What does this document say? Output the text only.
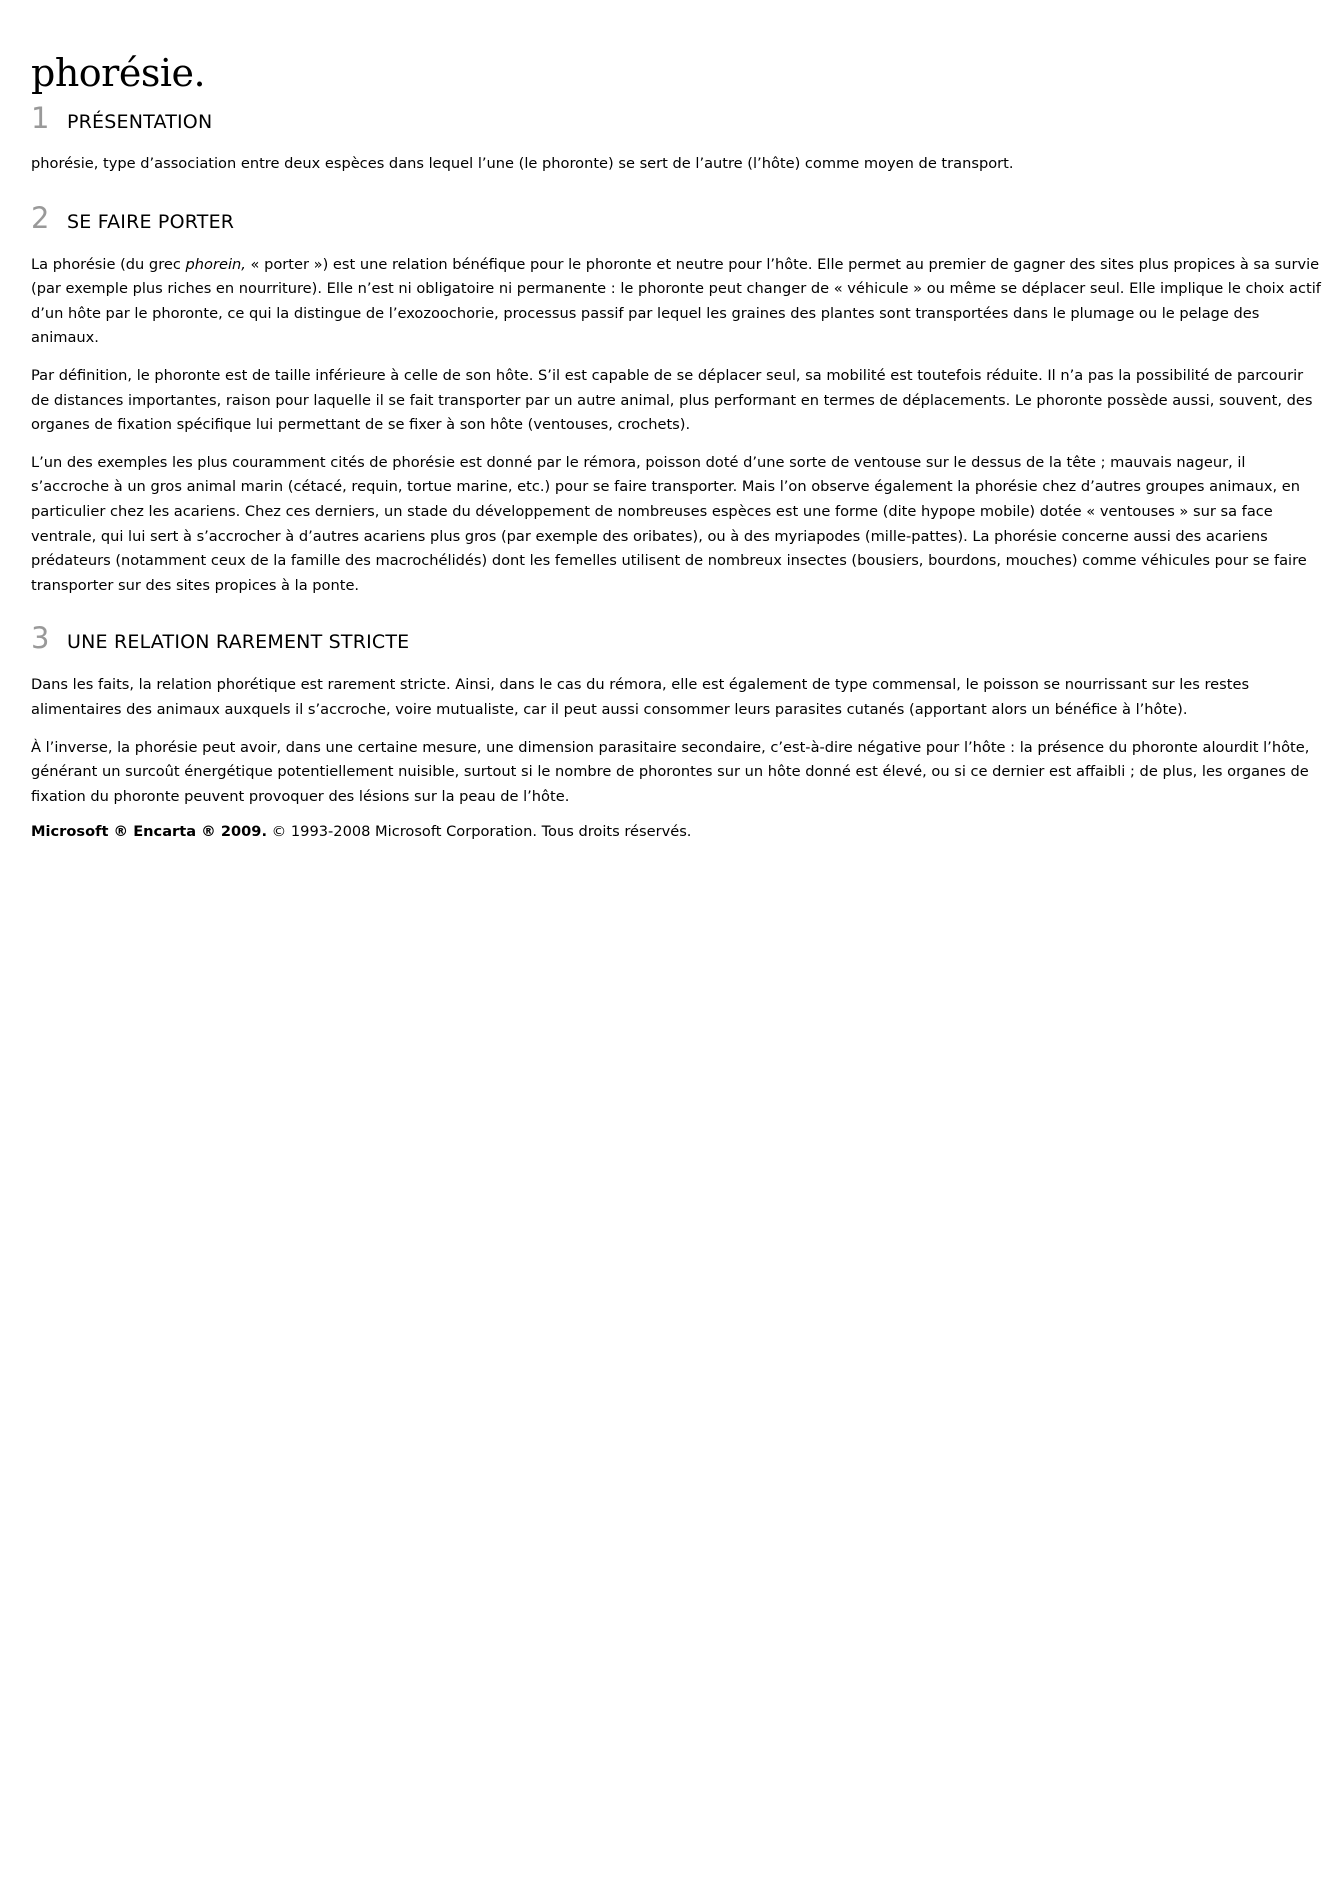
phorésie.
1 PRÉSENTATION

phorésie, type d’association entre deux espèces dans lequel l’une (le phoronte) se sert de l’autre (l’hôte) comme moyen de transport.

2 SE FAIRE PORTER

La phorésie (du grec phorein, « porter ») est une relation bénéfique pour le phoronte et neutre pour l’hôte. Elle permet au premier de gagner des sites plus propices à sa survie (par exemple plus riches en nourriture). Elle n’est ni obligatoire ni permanente : le phoronte peut changer de « véhicule » ou même se déplacer seul. Elle implique le choix actif d’un hôte par le phoronte, ce qui la distingue de l’exozoochorie, processus passif par lequel les graines des plantes sont transportées dans le plumage ou le pelage des animaux.

Par définition, le phoronte est de taille inférieure à celle de son hôte. S’il est capable de se déplacer seul, sa mobilité est toutefois réduite. Il n’a pas la possibilité de parcourir de distances importantes, raison pour laquelle il se fait transporter par un autre animal, plus performant en termes de déplacements. Le phoronte possède aussi, souvent, des organes de fixation spécifique lui permettant de se fixer à son hôte (ventouses, crochets).

L’un des exemples les plus couramment cités de phorésie est donné par le rémora, poisson doté d’une sorte de ventouse sur le dessus de la tête ; mauvais nageur, il s’accroche à un gros animal marin (cétacé, requin, tortue marine, etc.) pour se faire transporter. Mais l’on observe également la phorésie chez d’autres groupes animaux, en particulier chez les acariens. Chez ces derniers, un stade du développement de nombreuses espèces est une forme (dite hypope mobile) dotée « ventouses » sur sa face ventrale, qui lui sert à s’accrocher à d’autres acariens plus gros (par exemple des oribates), ou à des myriapodes (mille-pattes). La phorésie concerne aussi des acariens prédateurs (notamment ceux de la famille des macrochélidés) dont les femelles utilisent de nombreux insectes (bousiers, bourdons, mouches) comme véhicules pour se faire transporter sur des sites propices à la ponte.

3 UNE RELATION RAREMENT STRICTE

Dans les faits, la relation phorétique est rarement stricte. Ainsi, dans le cas du rémora, elle est également de type commensal, le poisson se nourrissant sur les restes alimentaires des animaux auxquels il s’accroche, voire mutualiste, car il peut aussi consommer leurs parasites cutanés (apportant alors un bénéfice à l’hôte).

À l’inverse, la phorésie peut avoir, dans une certaine mesure, une dimension parasitaire secondaire, c’est-à-dire négative pour l’hôte : la présence du phoronte alourdit l’hôte, générant un surcoût énergétique potentiellement nuisible, surtout si le nombre de phorontes sur un hôte donné est élevé, ou si ce dernier est affaibli ; de plus, les organes de fixation du phoronte peuvent provoquer des lésions sur la peau de l’hôte.

Microsoft ® Encarta ® 2009. © 1993-2008 Microsoft Corporation. Tous droits réservés.
